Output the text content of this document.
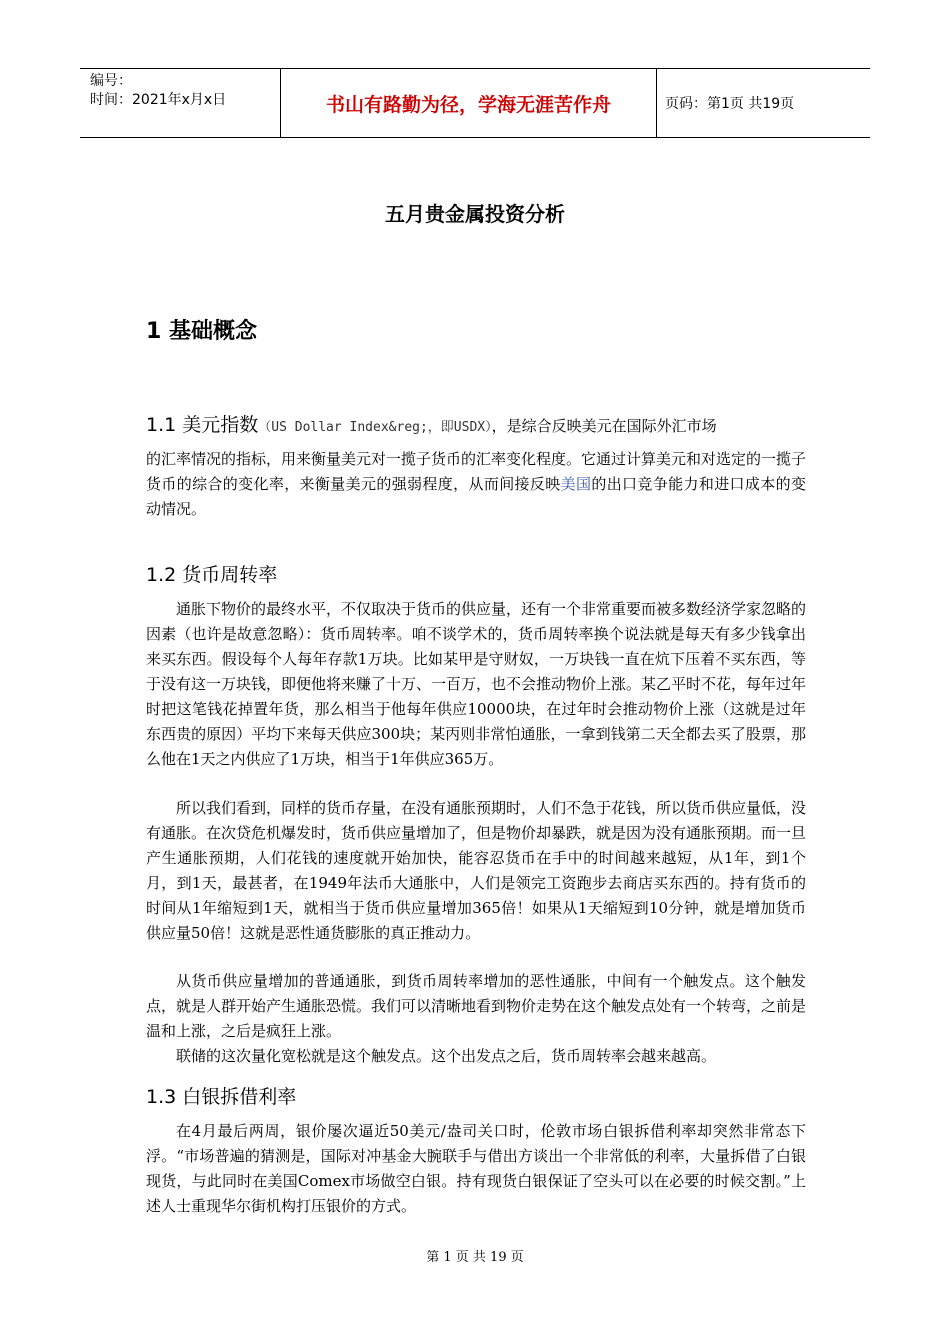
编号：
时间：2021年x月x日	书山有路勤为径，学海无涯苦作舟	页码：第1页 共19页
五月贵金属投资分析
1 基础概念
1.1 美元指数（US Dollar Index&reg;，即USDX），是综合反映美元在国际外汇市场

的汇率情况的指标，用来衡量美元对一揽子货币的汇率变化程度。它通过计算美元和对选定的一揽子货币的综合的变化率，来衡量美元的强弱程度，从而间接反映美国的出口竞争能力和进口成本的变动情况。

1.2 货币周转率

通胀下物价的最终水平，不仅取决于货币的供应量，还有一个非常重要而被多数经济学家忽略的因素（也许是故意忽略）：货币周转率。咱不谈学术的，货币周转率换个说法就是每天有多少钱拿出来买东西。假设每个人每年存款1万块。比如某甲是守财奴，一万块钱一直在炕下压着不买东西，等于没有这一万块钱，即便他将来赚了十万、一百万，也不会推动物价上涨。某乙平时不花，每年过年时把这笔钱花掉置年货，那么相当于他每年供应10000块，在过年时会推动物价上涨（这就是过年东西贵的原因）平均下来每天供应300块；某丙则非常怕通胀，一拿到钱第二天全都去买了股票，那么他在1天之内供应了1万块，相当于1年供应365万。

所以我们看到，同样的货币存量，在没有通胀预期时，人们不急于花钱，所以货币供应量低，没有通胀。在次贷危机爆发时，货币供应量增加了，但是物价却暴跌，就是因为没有通胀预期。而一旦产生通胀预期，人们花钱的速度就开始加快，能容忍货币在手中的时间越来越短，从1年，到1个月，到1天，最甚者，在1949年法币大通胀中，人们是领完工资跑步去商店买东西的。持有货币的时间从1年缩短到1天，就相当于货币供应量增加365倍！如果从1天缩短到10分钟，就是增加货币供应量50倍！这就是恶性通货膨胀的真正推动力。

从货币供应量增加的普通通胀，到货币周转率增加的恶性通胀，中间有一个触发点。这个触发点，就是人群开始产生通胀恐慌。我们可以清晰地看到物价走势在这个触发点处有一个转弯，之前是温和上涨，之后是疯狂上涨。

联储的这次量化宽松就是这个触发点。这个出发点之后，货币周转率会越来越高。

1.3 白银拆借利率

在4月最后两周，银价屡次逼近50美元/盎司关口时，伦敦市场白银拆借利率却突然非常态下浮。“市场普遍的猜测是，国际对冲基金大腕联手与借出方谈出一个非常低的利率，大量拆借了白银现货，与此同时在美国Comex市场做空白银。持有现货白银保证了空头可以在必要的时候交割。”上述人士重现华尔街机构打压银价的方式。

第 1 页 共 19 页
